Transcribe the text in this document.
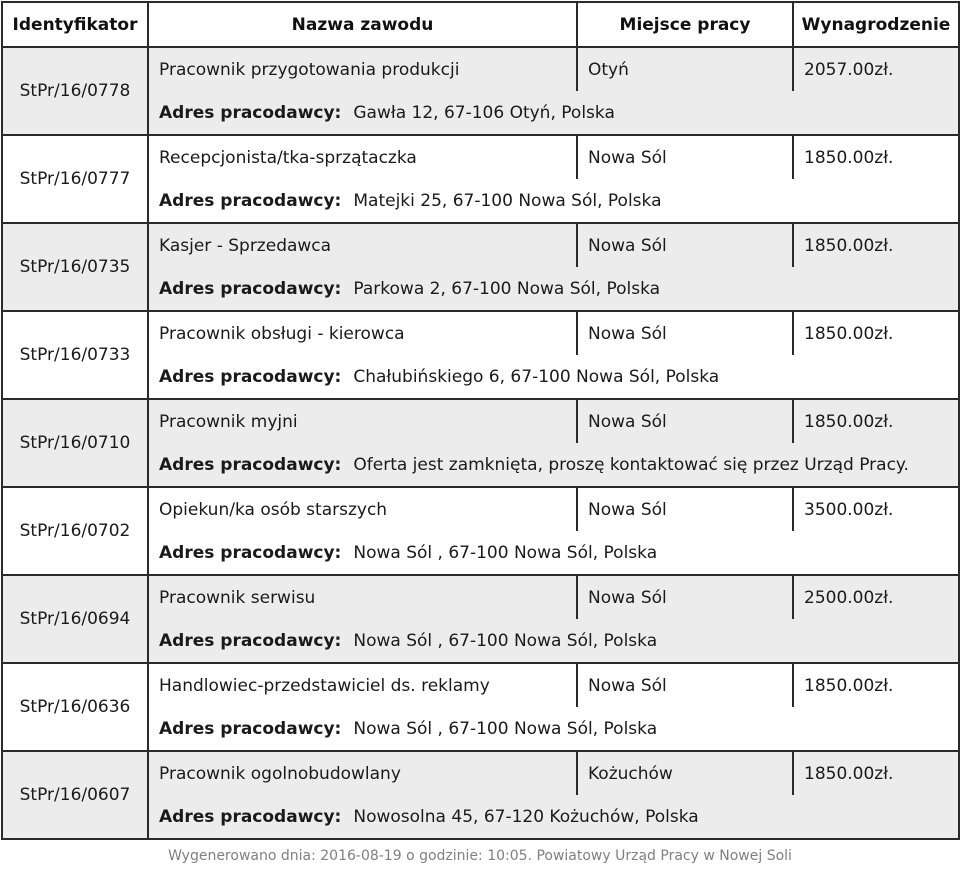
Identyfikator	Nazwa zawodu	Miejsce pracy	Wynagrodzenie
StPr/16/0778	Pracownik przygotowania produkcji	Otyń	2057.00zł.
	Adres pracodawcy: Gawła 12, 67-106 Otyń, Polska		
StPr/16/0777	Recepcjonista/tka-sprzątaczka	Nowa Sól	1850.00zł.
	Adres pracodawcy: Matejki 25, 67-100 Nowa Sól, Polska		
StPr/16/0735	Kasjer - Sprzedawca	Nowa Sól	1850.00zł.
	Adres pracodawcy: Parkowa 2, 67-100 Nowa Sól, Polska		
StPr/16/0733	Pracownik obsługi - kierowca	Nowa Sól	1850.00zł.
	Adres pracodawcy: Chałubińskiego 6, 67-100 Nowa Sól, Polska		
StPr/16/0710	Pracownik myjni	Nowa Sól	1850.00zł.
	Adres pracodawcy: Oferta jest zamknięta, proszę kontaktować się przez Urząd Pracy.		
StPr/16/0702	Opiekun/ka osób starszych	Nowa Sól	3500.00zł.
	Adres pracodawcy: Nowa Sól , 67-100 Nowa Sól, Polska		
StPr/16/0694	Pracownik serwisu	Nowa Sól	2500.00zł.
	Adres pracodawcy: Nowa Sól , 67-100 Nowa Sól, Polska		
StPr/16/0636	Handlowiec-przedstawiciel ds. reklamy	Nowa Sól	1850.00zł.
	Adres pracodawcy: Nowa Sól , 67-100 Nowa Sól, Polska		
StPr/16/0607	Pracownik ogolnobudowlany	Kożuchów	1850.00zł.
	Adres pracodawcy: Nowosolna 45, 67-120 Kożuchów, Polska		
Wygenerowano dnia: 2016-08-19 o godzinie: 10:05. Powiatowy Urząd Pracy w Nowej Soli
